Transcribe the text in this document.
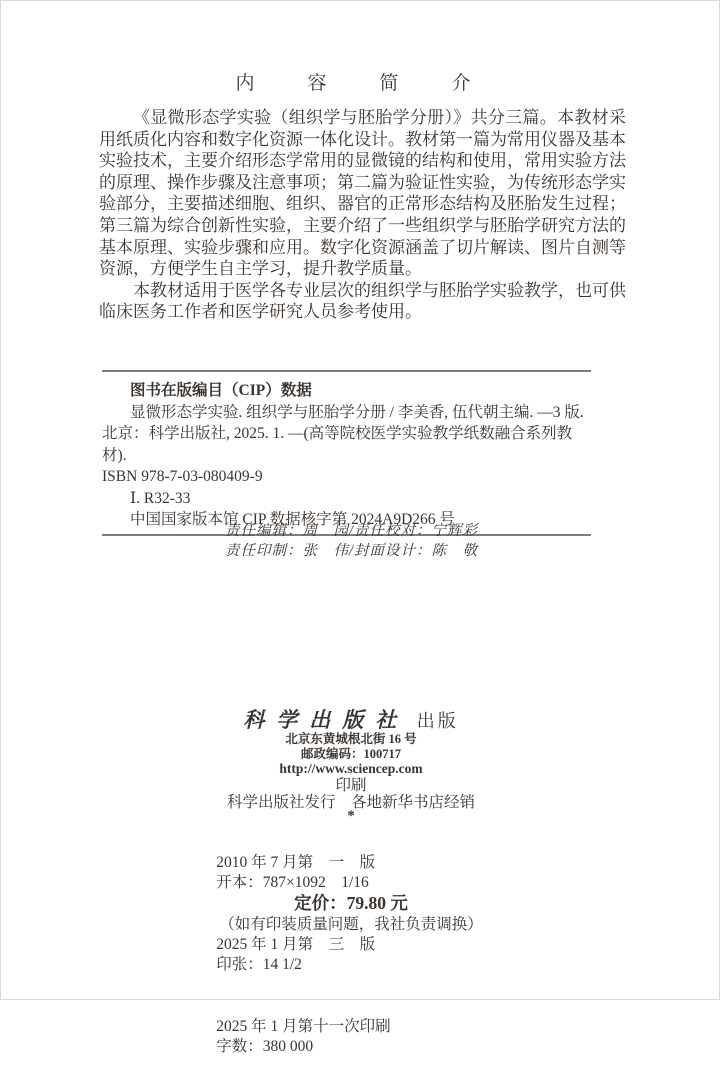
内　容　简　介

《显微形态学实验（组织学与胚胎学分册）》共分三篇。本教材采用纸质化内容和数字化资源一体化设计。教材第一篇为常用仪器及基本实验技术，主要介绍形态学常用的显微镜的结构和使用，常用实验方法的原理、操作步骤及注意事项；第二篇为验证性实验，为传统形态学实验部分，主要描述细胞、组织、器官的正常形态结构及胚胎发生过程；第三篇为综合创新性实验，主要介绍了一些组织学与胚胎学研究方法的基本原理、实验步骤和应用。数字化资源涵盖了切片解读、图片自测等资源，方便学生自主学习，提升教学质量。

本教材适用于医学各专业层次的组织学与胚胎学实验教学，也可供临床医务工作者和医学研究人员参考使用。

图书在版编目（CIP）数据
显微形态学实验. 组织学与胚胎学分册 / 李美香, 伍代朝主编. —3 版.
北京：科学出版社, 2025. 1. —(高等院校医学实验教学纸数融合系列教材).
ISBN 978-7-03-080409-9
Ⅰ. R32-33
中国国家版本馆 CIP 数据核字第 2024A9D266 号
责任编辑：周　园/责任校对：宁辉彩
责任印制：张　伟/封面设计：陈　敬
科学出版社 出版
北京东黄城根北街 16 号
邮政编码：100717
http://www.sciencep.com
印刷
科学出版社发行　各地新华书店经销
*

2010 年 7 月第　一　版
开本：787×1092　1/16

2025 年 1 月第　三　版
印张：14 1/2

2025 年 1 月第十一次印刷
字数：380 000

定价：79.80 元
（如有印装质量问题，我社负责调换）
